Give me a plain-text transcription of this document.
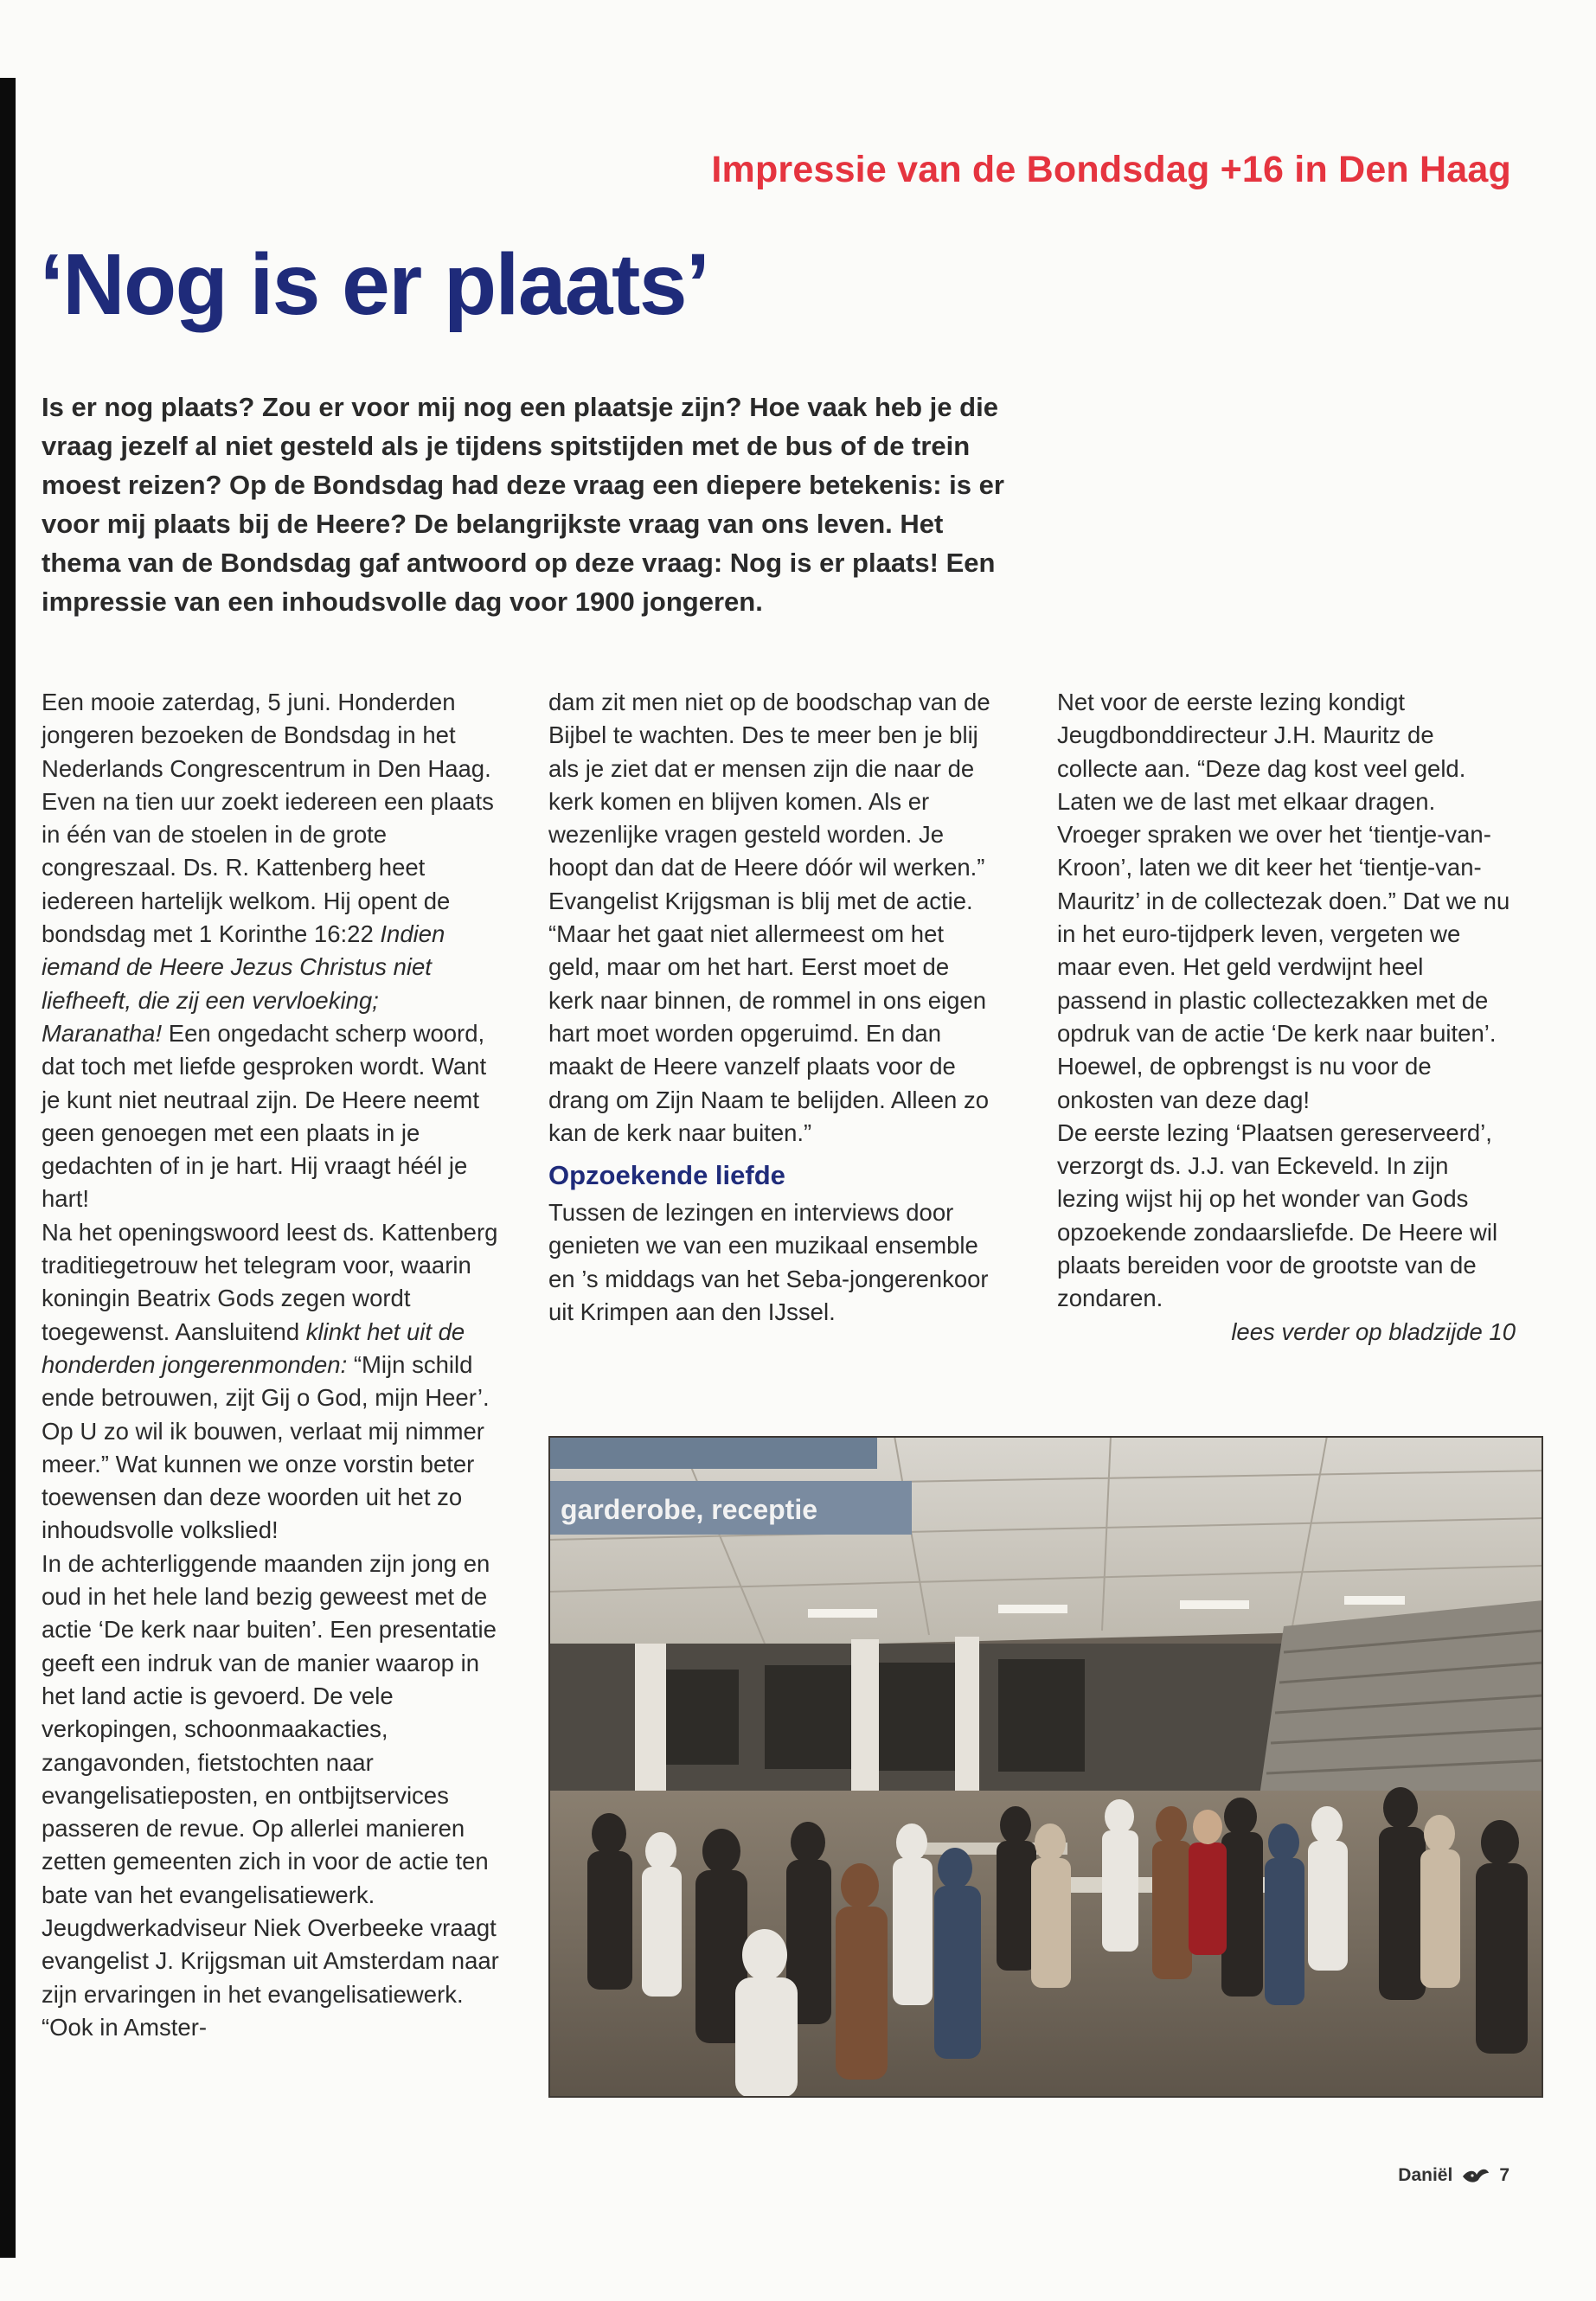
Impressie van de Bondsdag +16 in Den Haag
‘Nog is er plaats’
Is er nog plaats? Zou er voor mij nog een plaatsje zijn? Hoe vaak heb je die vraag jezelf al niet gesteld als je tijdens spitstijden met de bus of de trein moest reizen? Op de Bondsdag had deze vraag een diepere betekenis: is er voor mij plaats bij de Heere? De belangrijkste vraag van ons leven. Het thema van de Bondsdag gaf antwoord op deze vraag: Nog is er plaats! Een impressie van een inhoudsvolle dag voor 1900 jongeren.

Een mooie zaterdag, 5 juni. Honderden jongeren bezoeken de Bondsdag in het Nederlands Congrescentrum in Den Haag. Even na tien uur zoekt iedereen een plaats in één van de stoelen in de grote congreszaal. Ds. R. Kattenberg heet iedereen hartelijk welkom. Hij opent de bondsdag met 1 Korinthe 16:22 Indien iemand de Heere Jezus Christus niet liefheeft, die zij een vervloeking; Maranatha! Een ongedacht scherp woord, dat toch met liefde gesproken wordt. Want je kunt niet neutraal zijn. De Heere neemt geen genoegen met een plaats in je gedachten of in je hart. Hij vraagt héél je hart!

Na het openingswoord leest ds. Kattenberg traditiegetrouw het telegram voor, waarin koningin Beatrix Gods zegen wordt toegewenst. Aansluitend klinkt het uit de honderden jongerenmonden: “Mijn schild ende betrouwen, zijt Gij o God, mijn Heer’. Op U zo wil ik bouwen, verlaat mij nimmer meer.” Wat kunnen we onze vorstin beter toewensen dan deze woorden uit het zo inhoudsvolle volkslied!

In de achterliggende maanden zijn jong en oud in het hele land bezig geweest met de actie ‘De kerk naar buiten’. Een presentatie geeft een indruk van de manier waarop in het land actie is gevoerd. De vele verkopingen, schoonmaakacties, zangavonden, fietstochten naar evangelisatieposten, en ontbijtservices passeren de revue. Op allerlei manieren zetten gemeenten zich in voor de actie ten bate van het evangelisatiewerk. Jeugdwerkadviseur Niek Overbeeke vraagt evangelist J. Krijgsman uit Amsterdam naar zijn ervaringen in het evangelisatiewerk. “Ook in Amster-

dam zit men niet op de boodschap van de Bijbel te wachten. Des te meer ben je blij als je ziet dat er mensen zijn die naar de kerk komen en blijven komen. Als er wezenlijke vragen gesteld worden. Je hoopt dan dat de Heere dóór wil werken.” Evangelist Krijgsman is blij met de actie. “Maar het gaat niet allermeest om het geld, maar om het hart. Eerst moet de kerk naar binnen, de rommel in ons eigen hart moet worden opgeruimd. En dan maakt de Heere vanzelf plaats voor de drang om Zijn Naam te belijden. Alleen zo kan de kerk naar buiten.”

Opzoekende liefde

Tussen de lezingen en interviews door genieten we van een muzikaal ensemble en ’s middags van het Seba-jongerenkoor uit Krimpen aan den IJssel.

Net voor de eerste lezing kondigt Jeugdbonddirecteur J.H. Mauritz de collecte aan. “Deze dag kost veel geld. Laten we de last met elkaar dragen. Vroeger spraken we over het ‘tientje-van-Kroon’, laten we dit keer het ‘tientje-van-Mauritz’ in de collectezak doen.” Dat we nu in het euro-tijdperk leven, vergeten we maar even. Het geld verdwijnt heel passend in plastic collectezakken met de opdruk van de actie ‘De kerk naar buiten’. Hoewel, de opbrengst is nu voor de onkosten van deze dag!

De eerste lezing ‘Plaatsen gereserveerd’, verzorgt ds. J.J. van Eckeveld. In zijn lezing wijst hij op het wonder van Gods opzoekende zondaarsliefde. De Heere wil plaats bereiden voor de grootste van de zondaren.

lees verder op bladzijde 10

garderobe, receptie
Daniël	7
